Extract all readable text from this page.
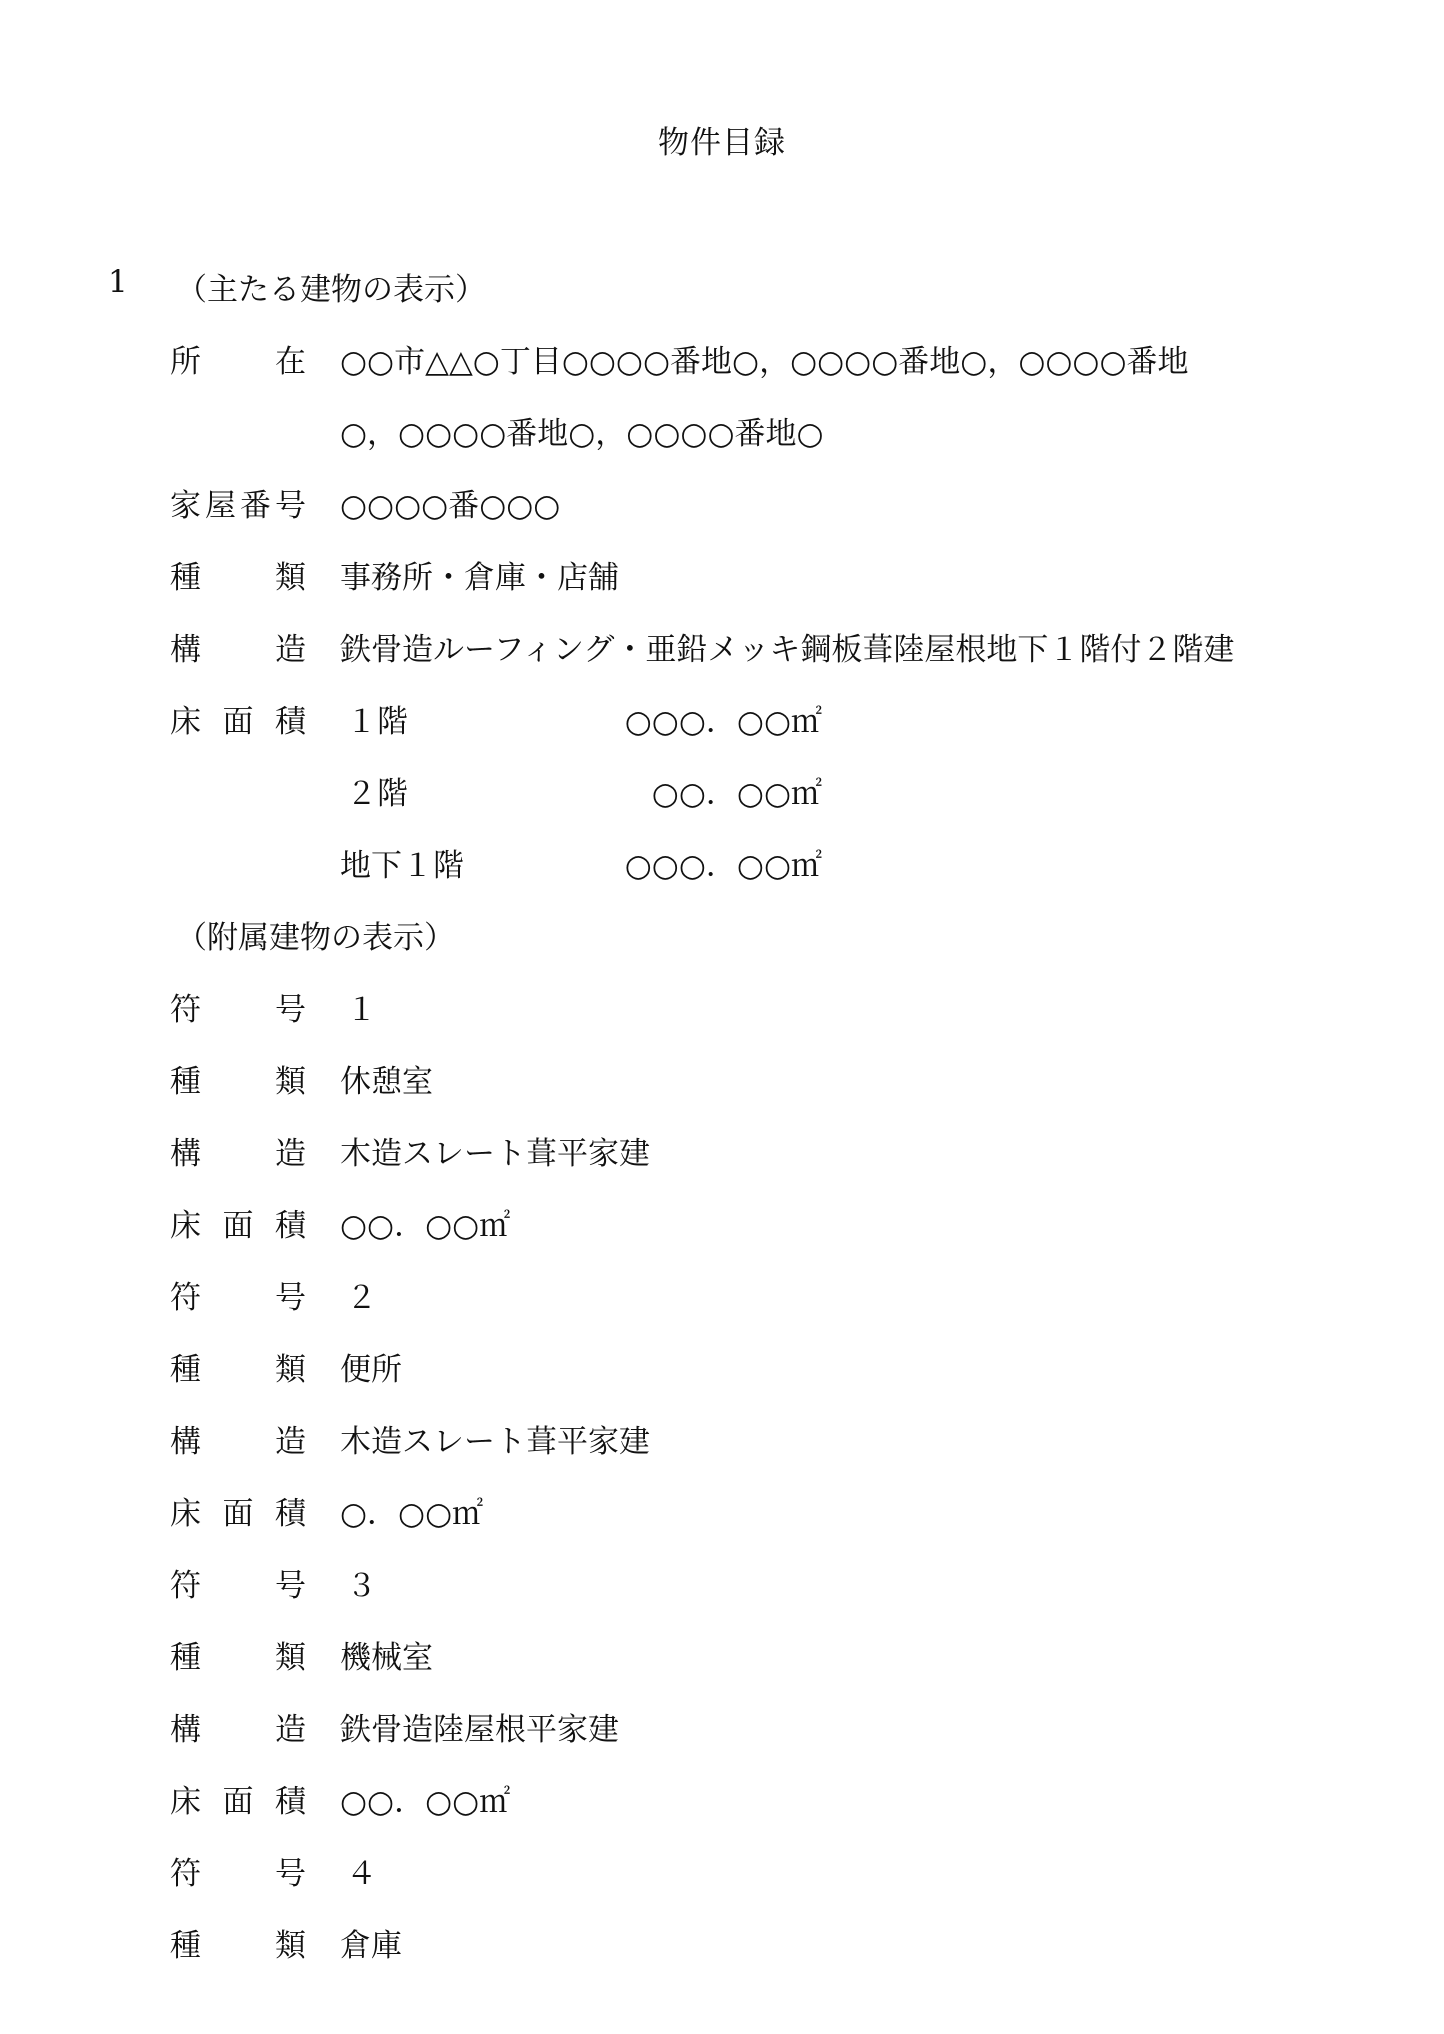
物件目録
1 （主たる建物の表示）
所　　在 ○○市△△○丁目○○○○番地○，○○○○番地○，○○○○番地
○，○○○○番地○，○○○○番地○
家屋番号 ○○○○番○○○
種　　類 事務所・倉庫・店舗
構　　造 鉄骨造ルーフィング・亜鉛メッキ鋼板葺陸屋根地下１階付２階建
床 面 積 １階	○○○．○○㎡
２階	○○．○○㎡
地下１階	○○○．○○㎡
（附属建物の表示）
符　　号 １
種　　類 休憩室
構　　造 木造スレート葺平家建
床 面 積 ○○．○○㎡
符　　号 ２
種　　類 便所
構　　造 木造スレート葺平家建
床 面 積 ○．○○㎡
符　　号 ３
種　　類 機械室
構　　造 鉄骨造陸屋根平家建
床 面 積 ○○．○○㎡
符　　号 ４
種　　類 倉庫
